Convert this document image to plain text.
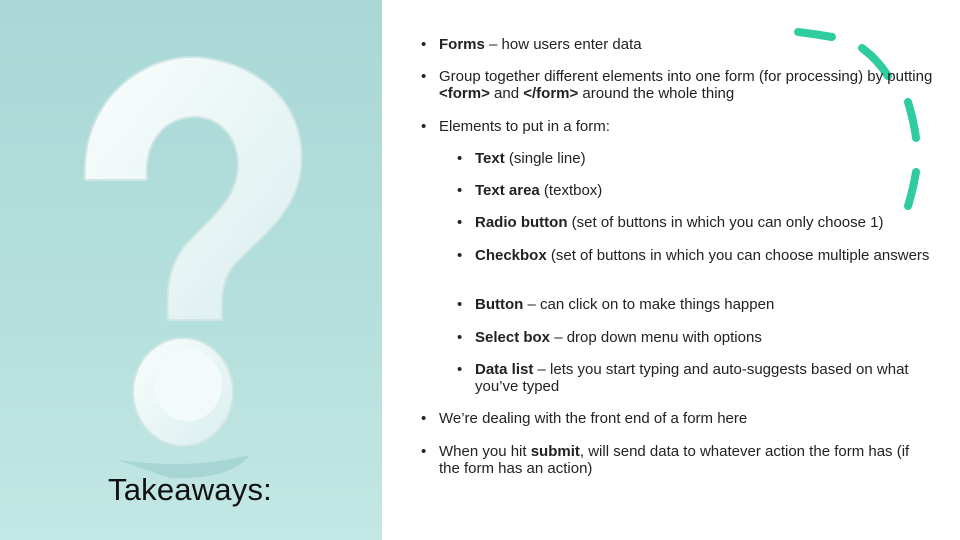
Takeaways:
• Forms – how users enter data
• Group together different elements into one form (for processing) by putting <form> and </form> around the whole thing
• Elements to put in a form:
• Text (single line)
• Text area (textbox)
• Radio button (set of buttons in which you can only choose 1)
• Checkbox (set of buttons in which you can choose multiple answers
• Button – can click on to make things happen
• Select box – drop down menu with options
• Data list – lets you start typing and auto-suggests based on what you’ve typed
• We’re dealing with the front end of a form here
• When you hit submit, will send data to whatever action the form has (if the form has an action)
